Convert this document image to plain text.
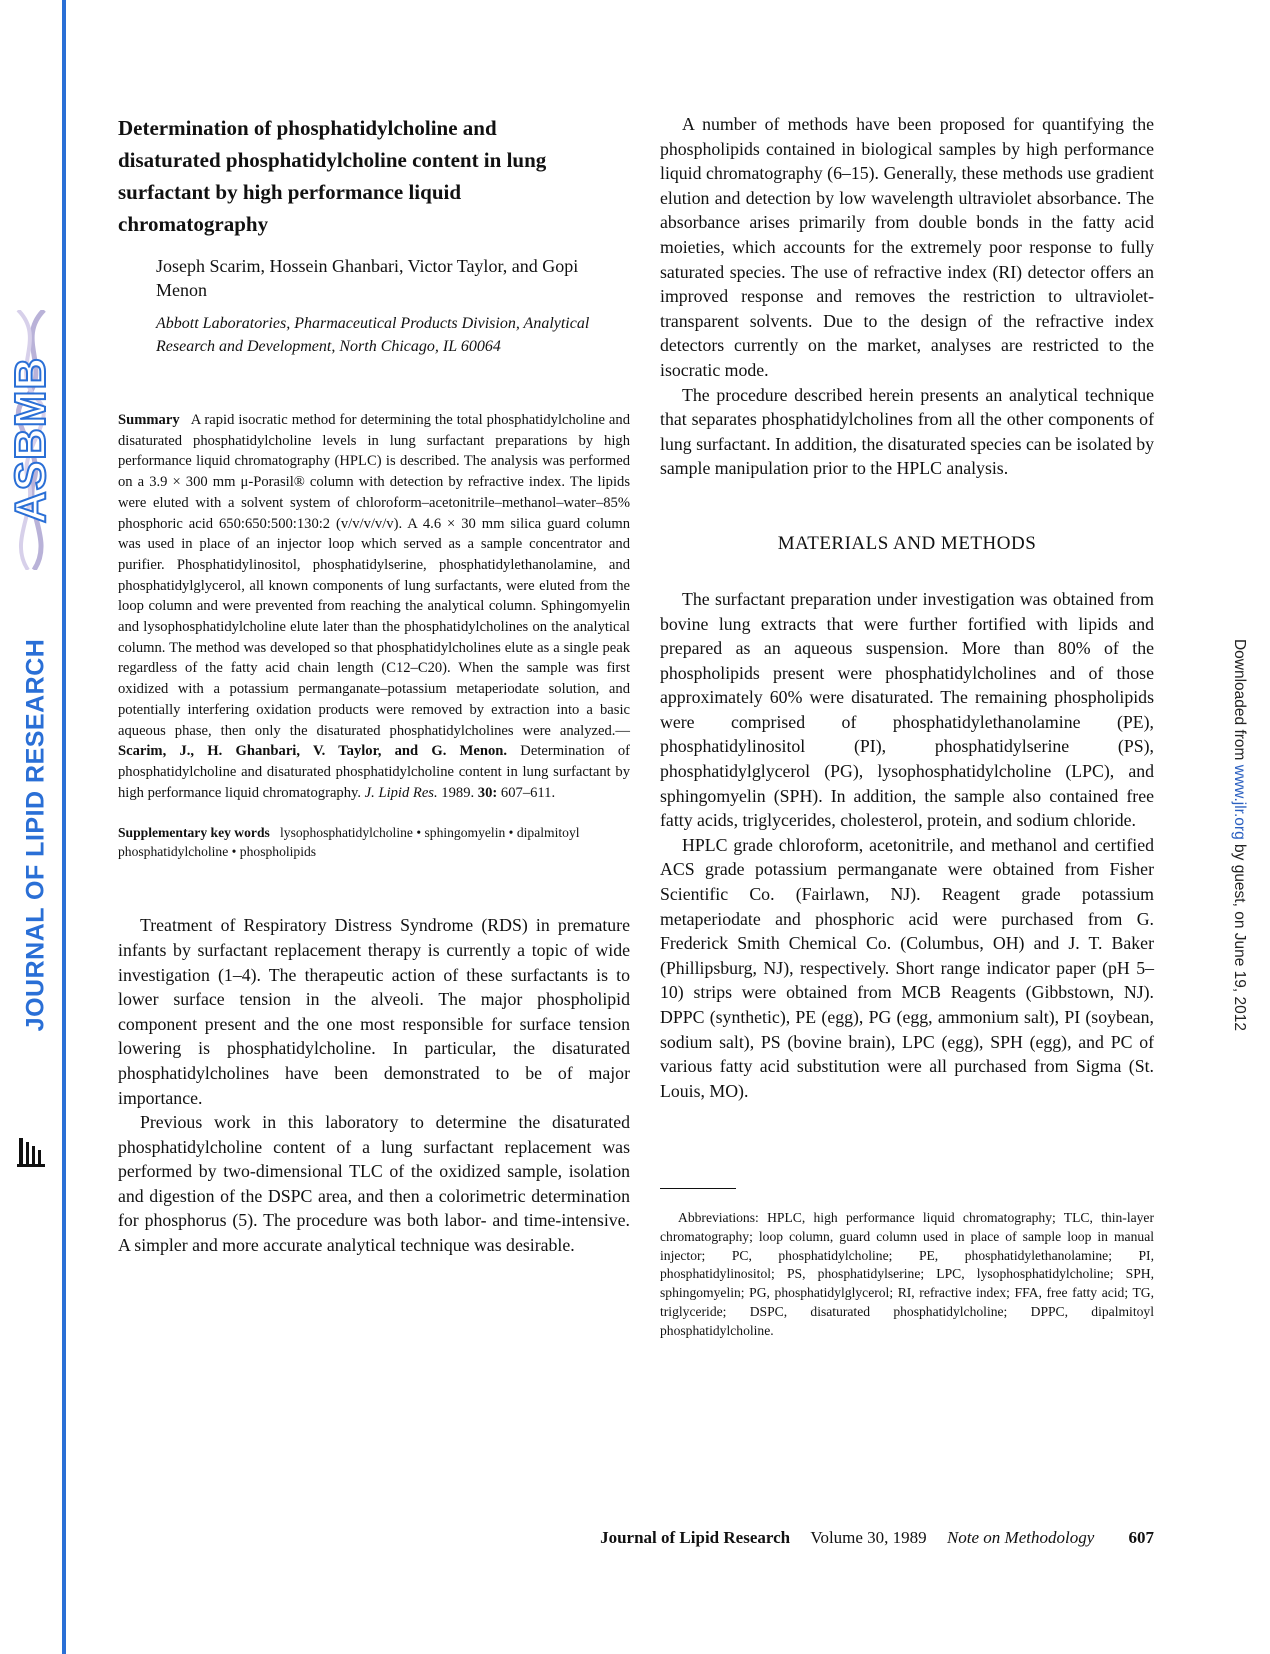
ASBMB
JOURNAL OF LIPID RESEARCH	Downloaded from www.jlr.org by guest, on June 19, 2012
Determination of phosphatidylcholine and disaturated phosphatidylcholine content in lung surfactant by high performance liquid chromatography
Joseph Scarim, Hossein Ghanbari, Victor Taylor, and Gopi Menon
Abbott Laboratories, Pharmaceutical Products Division, Analytical Research and Development, North Chicago, IL 60064
Summary A rapid isocratic method for determining the total phosphatidylcholine and disaturated phosphatidylcholine levels in lung surfactant preparations by high performance liquid chromatography (HPLC) is described. The analysis was performed on a 3.9 × 300 mm μ-Porasil® column with detection by refractive index. The lipids were eluted with a solvent system of chloroform–acetonitrile–methanol–water–85% phosphoric acid 650:650:500:130:2 (v/v/v/v/v). A 4.6 × 30 mm silica guard column was used in place of an injector loop which served as a sample concentrator and purifier. Phosphatidylinositol, phosphatidylserine, phosphatidylethanolamine, and phosphatidylglycerol, all known components of lung surfactants, were eluted from the loop column and were prevented from reaching the analytical column. Sphingomyelin and lysophosphatidylcholine elute later than the phosphatidylcholines on the analytical column. The method was developed so that phosphatidylcholines elute as a single peak regardless of the fatty acid chain length (C12–C20). When the sample was first oxidized with a potassium permanganate–potassium metaperiodate solution, and potentially interfering oxidation products were removed by extraction into a basic aqueous phase, then only the disaturated phosphatidylcholines were analyzed.— Scarim, J., H. Ghanbari, V. Taylor, and G. Menon. Determination of phosphatidylcholine and disaturated phosphatidylcholine content in lung surfactant by high performance liquid chromatography. J. Lipid Res. 1989. 30: 607–611.
Supplementary key words lysophosphatidylcholine • sphingomyelin • dipalmitoyl phosphatidylcholine • phospholipids

Treatment of Respiratory Distress Syndrome (RDS) in premature infants by surfactant replacement therapy is currently a topic of wide investigation (1–4). The therapeutic action of these surfactants is to lower surface tension in the alveoli. The major phospholipid component present and the one most responsible for surface tension lowering is phosphatidylcholine. In particular, the disaturated phosphatidylcholines have been demonstrated to be of major importance.

Previous work in this laboratory to determine the disaturated phosphatidylcholine content of a lung surfactant replacement was performed by two-dimensional TLC of the oxidized sample, isolation and digestion of the DSPC area, and then a colorimetric determination for phosphorus (5). The procedure was both labor- and time-intensive. A simpler and more accurate analytical technique was desirable.

A number of methods have been proposed for quantifying the phospholipids contained in biological samples by high performance liquid chromatography (6–15). Generally, these methods use gradient elution and detection by low wavelength ultraviolet absorbance. The absorbance arises primarily from double bonds in the fatty acid moieties, which accounts for the extremely poor response to fully saturated species. The use of refractive index (RI) detector offers an improved response and removes the restriction to ultraviolet-transparent solvents. Due to the design of the refractive index detectors currently on the market, analyses are restricted to the isocratic mode.

The procedure described herein presents an analytical technique that separates phosphatidylcholines from all the other components of lung surfactant. In addition, the disaturated species can be isolated by sample manipulation prior to the HPLC analysis.

MATERIALS AND METHODS

The surfactant preparation under investigation was obtained from bovine lung extracts that were further fortified with lipids and prepared as an aqueous suspension. More than 80% of the phospholipids present were phosphatidylcholines and of those approximately 60% were disaturated. The remaining phospholipids were comprised of phosphatidylethanolamine (PE), phosphatidylinositol (PI), phosphatidylserine (PS), phosphatidylglycerol (PG), lysophosphatidylcholine (LPC), and sphingomyelin (SPH). In addition, the sample also contained free fatty acids, triglycerides, cholesterol, protein, and sodium chloride.

HPLC grade chloroform, acetonitrile, and methanol and certified ACS grade potassium permanganate were obtained from Fisher Scientific Co. (Fairlawn, NJ). Reagent grade potassium metaperiodate and phosphoric acid were purchased from G. Frederick Smith Chemical Co. (Columbus, OH) and J. T. Baker (Phillipsburg, NJ), respectively. Short range indicator paper (pH 5–10) strips were obtained from MCB Reagents (Gibbstown, NJ). DPPC (synthetic), PE (egg), PG (egg, ammonium salt), PI (soybean, sodium salt), PS (bovine brain), LPC (egg), SPH (egg), and PC of various fatty acid substitution were all purchased from Sigma (St. Louis, MO).

Abbreviations: HPLC, high performance liquid chromatography; TLC, thin-layer chromatography; loop column, guard column used in place of sample loop in manual injector; PC, phosphatidylcholine; PE, phosphatidylethanolamine; PI, phosphatidylinositol; PS, phosphatidylserine; LPC, lysophosphatidylcholine; SPH, sphingomyelin; PG, phosphatidylglycerol; RI, refractive index; FFA, free fatty acid; TG, triglyceride; DSPC, disaturated phosphatidylcholine; DPPC, dipalmitoyl phosphatidylcholine.
Journal of Lipid Research Volume 30, 1989 Note on Methodology 607
